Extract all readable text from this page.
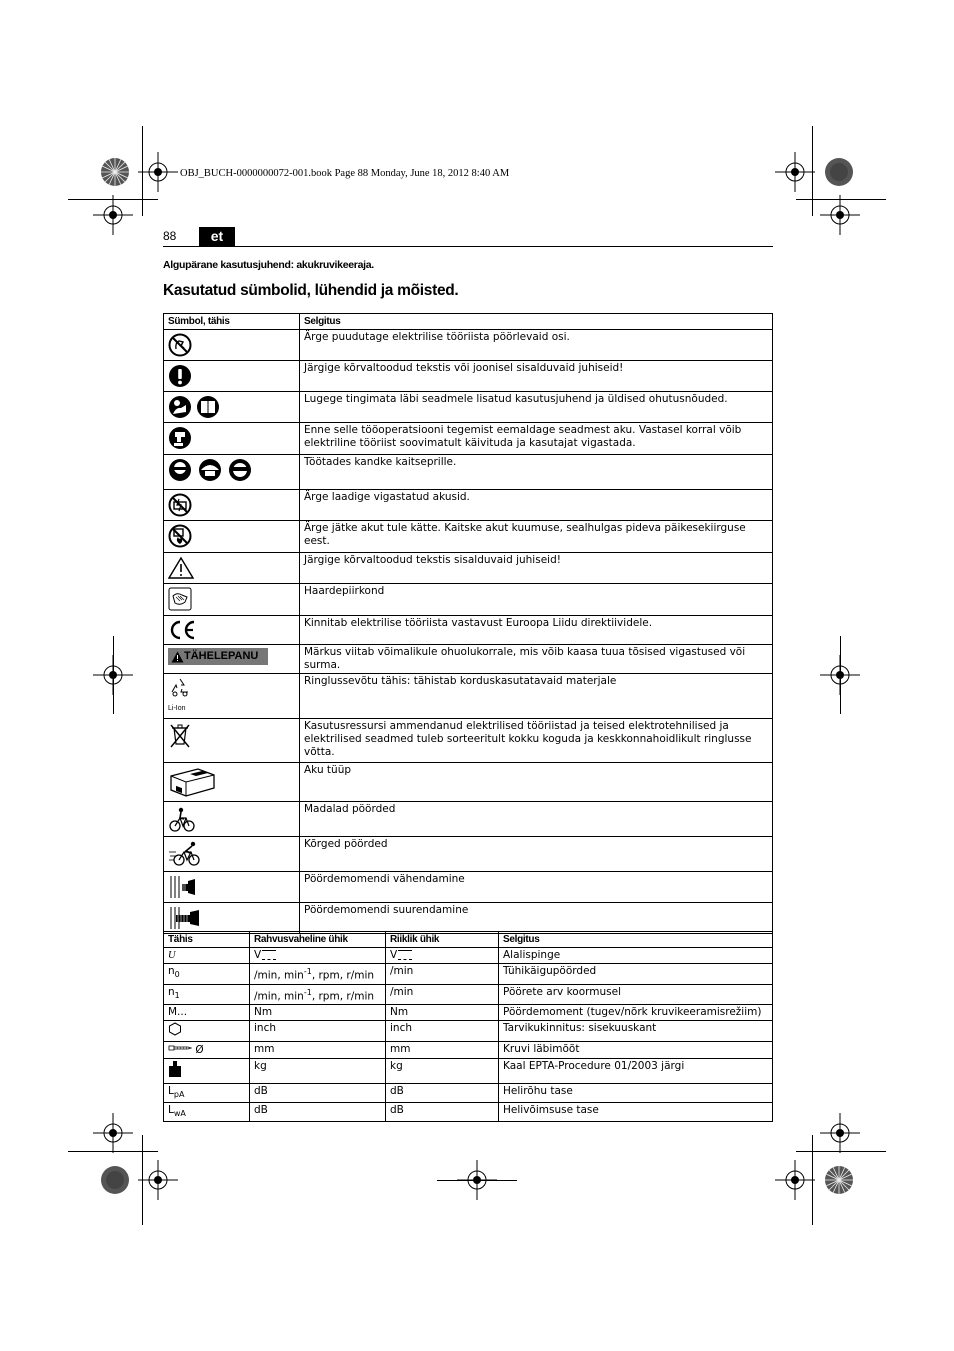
OBJ_BUCH-0000000072-001.book Page 88 Monday, June 18, 2012 8:40 AM
88	et
Algupärane kasutusjuhend: akukruvikeeraja.
Kasutatud sümbolid, lühendid ja mõisted.
Sümbol, tähis	Selgitus
	Ärge puudutage elektrilise tööriista pöörlevaid osi.
	Järgige kõrvaltoodud tekstis või joonisel sisalduvaid juhiseid!
	Lugege tingimata läbi seadmele lisatud kasutusjuhend ja üldised ohutusnõuded.
	Enne selle tööoperatsiooni tegemist eemaldage seadmest aku. Vastasel korral võib elektriline tööriist soovimatult käivituda ja kasutajat vigastada.
	Töötades kandke kaitseprille.
	Ärge laadige vigastatud akusid.
	Ärge jätke akut tule kätte. Kaitske akut kuumuse, sealhulgas pideva päikesekiirguse eest.
	Järgige kõrvaltoodud tekstis sisalduvaid juhiseid!
	Haardepiirkond
	Kinnitab elektrilise tööriista vastavust Euroopa Liidu direktiividele.

TÄHELEPANU	Märkus viitab võimalikule ohuolukorrale, mis võib kaasa tuua tõsised vigastused või surma.

Li-Ion	Ringlussevõtu tähis: tähistab korduskasutatavaid materjale
	Kasutusressursi ammendanud elektrilised tööriistad ja teised elektrotehnilised ja elektrilised seadmed tuleb sorteeritult kokku koguda ja keskkonnahoidlikult ringlusse võtta.
	Aku tüüp
	Madalad pöörded
	Kõrged pöörded
	Pöördemomendi vähendamine
	Pöördemomendi suurendamine
Tähis	Rahvusvaheline ühik	Riiklik ühik	Selgitus
U	V	V	Alalispinge
$n_0$	/min, $\min^{-1}$, rpm, r/min	/min	Tühikäigupöörded
$n_1$	/min, $\min^{-1}$, rpm, r/min	/min	Pöörete arv koormusel
M...	Nm	Nm	Pöördemoment (tugev/nõrk kruvikeeramisrežiim)
	inch	inch	Tarvikukinnitus: sisekuuskant
Ø	mm	mm	Kruvi läbimõõt
	kg	kg	Kaal EPTA-Procedure 01/2003 järgi
$L_{pA}$	dB	dB	Helirõhu tase
$L_{wA}$	dB	dB	Helivõimsuse tase
